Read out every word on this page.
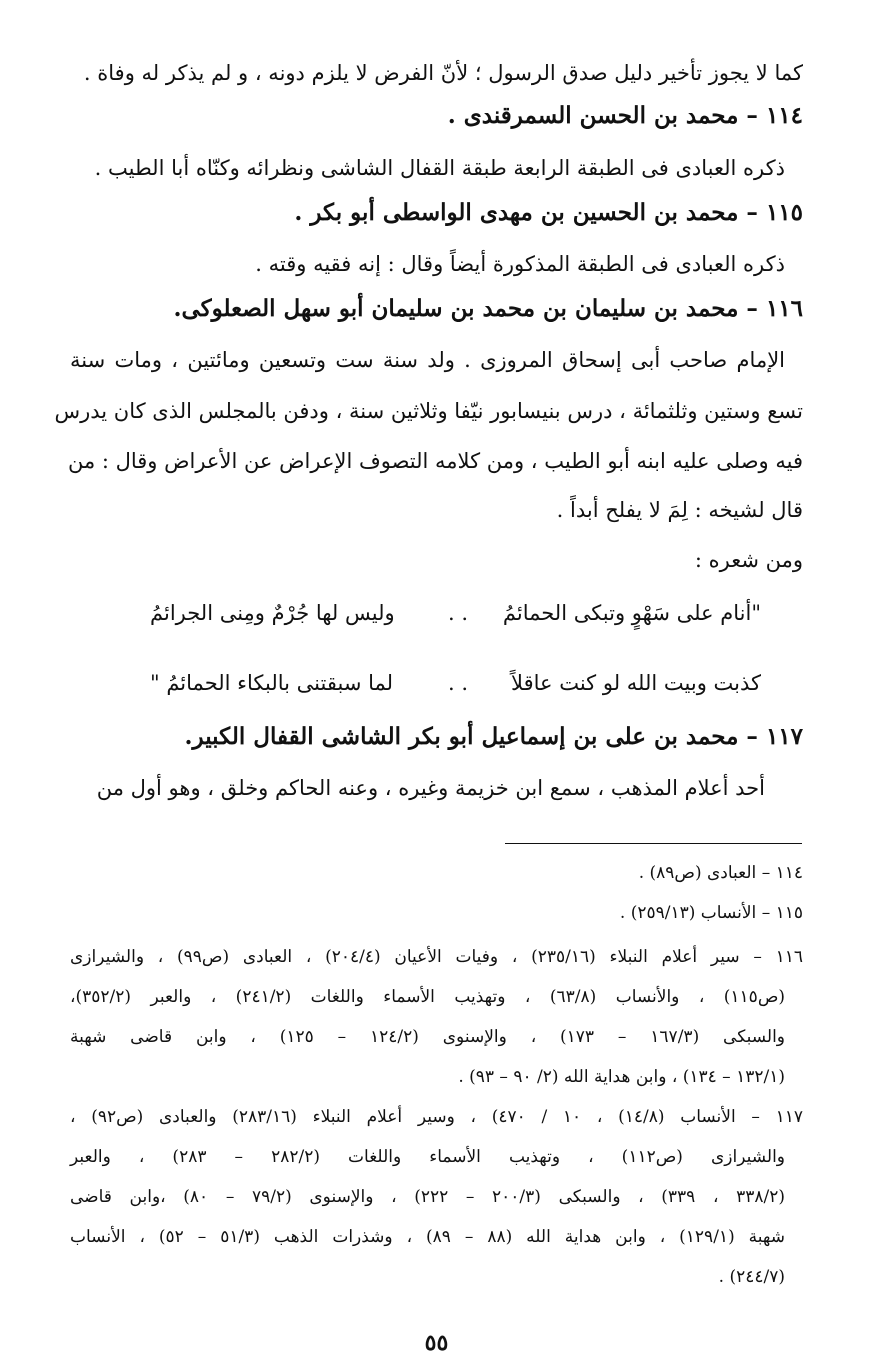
كما لا يجوز تأخير دليل صدق الرسول ؛ لأنّ الفرض لا يلزم دونه ، و لم يذكر له وفاة .
١١٤ – محمد بن الحسن السمرقندى .
ذكره العبادى فى الطبقة الرابعة طبقة القفال الشاشى ونظرائه وكنّاه أبا الطيب .
١١٥ – محمد بن الحسين بن مهدى الواسطى أبو بكر .
ذكره العبادى فى الطبقة المذكورة أيضاً وقال : إنه فقيه وقته .
١١٦ – محمد بن سليمان بن محمد بن سليمان أبو سهل الصعلوكى.
الإمام صاحب أبى إسحاق المروزى . ولد سنة ست وتسعين ومائتين ، ومات سنة
تسع وستين وثلثمائة ، درس بنيسابور نيّفا وثلاثين سنة ، ودفن بالمجلس الذى كان يدرس
فيه وصلى عليه ابنه أبو الطيب ، ومن كلامه التصوف الإعراض عن الأعراض وقال : من
قال لشيخه : لِمَ لا يفلح أبداً .
ومن شعره :
"أنام على سَهْوٍ وتبكى الحمائمُ
. .
وليس لها جُرْمٌ ومِنى الجرائمُ
كذبت وبيت الله لو كنت عاقلاً
. .
لما سبقتنى بالبكاء الحمائمُ "
١١٧ – محمد بن على بن إسماعيل أبو بكر الشاشى القفال الكبير.
أحد أعلام المذهب ، سمع ابن خزيمة وغيره ، وعنه الحاكم وخلق ، وهو أول من
١١٤ – العبادى (ص٨٩) .
١١٥ – الأنساب (٢٥٩/١٣) .
١١٦ – سير أعلام النبلاء (٢٣٥/١٦) ، وفيات الأعيان (٢٠٤/٤) ، العبادى (ص٩٩) ، والشيرازى
(ص١١٥) ، والأنساب (٦٣/٨) ، وتهذيب الأسماء واللغات (٢٤١/٢) ، والعبر (٣٥٢/٢)،
والسبكى (١٦٧/٣ – ١٧٣) ، والإسنوى (١٢٤/٢ – ١٢٥) ، وابن قاضى شهبة
(١٣٢/١ – ١٣٤) ، وابن هداية الله (٢/ ٩٠ – ٩٣) .
١١٧ – الأنساب (١٤/٨) ، ١٠ / ٤٧٠) ، وسير أعلام النبلاء (٢٨٣/١٦) والعبادى (ص٩٢) ،
والشيرازى (ص١١٢) ، وتهذيب الأسماء واللغات (٢٨٢/٢ – ٢٨٣) ، والعبر
(٣٣٨/٢ ، ٣٣٩) ، والسبكى (٢٠٠/٣ – ٢٢٢) ، والإسنوى (٧٩/٢ – ٨٠) ،وابن قاضى
شهبة (١٢٩/١) ، وابن هداية الله (٨٨ – ٨٩) ، وشذرات الذهب (٥١/٣ – ٥٢) ، الأنساب
(٢٤٤/٧) .
٥٥
